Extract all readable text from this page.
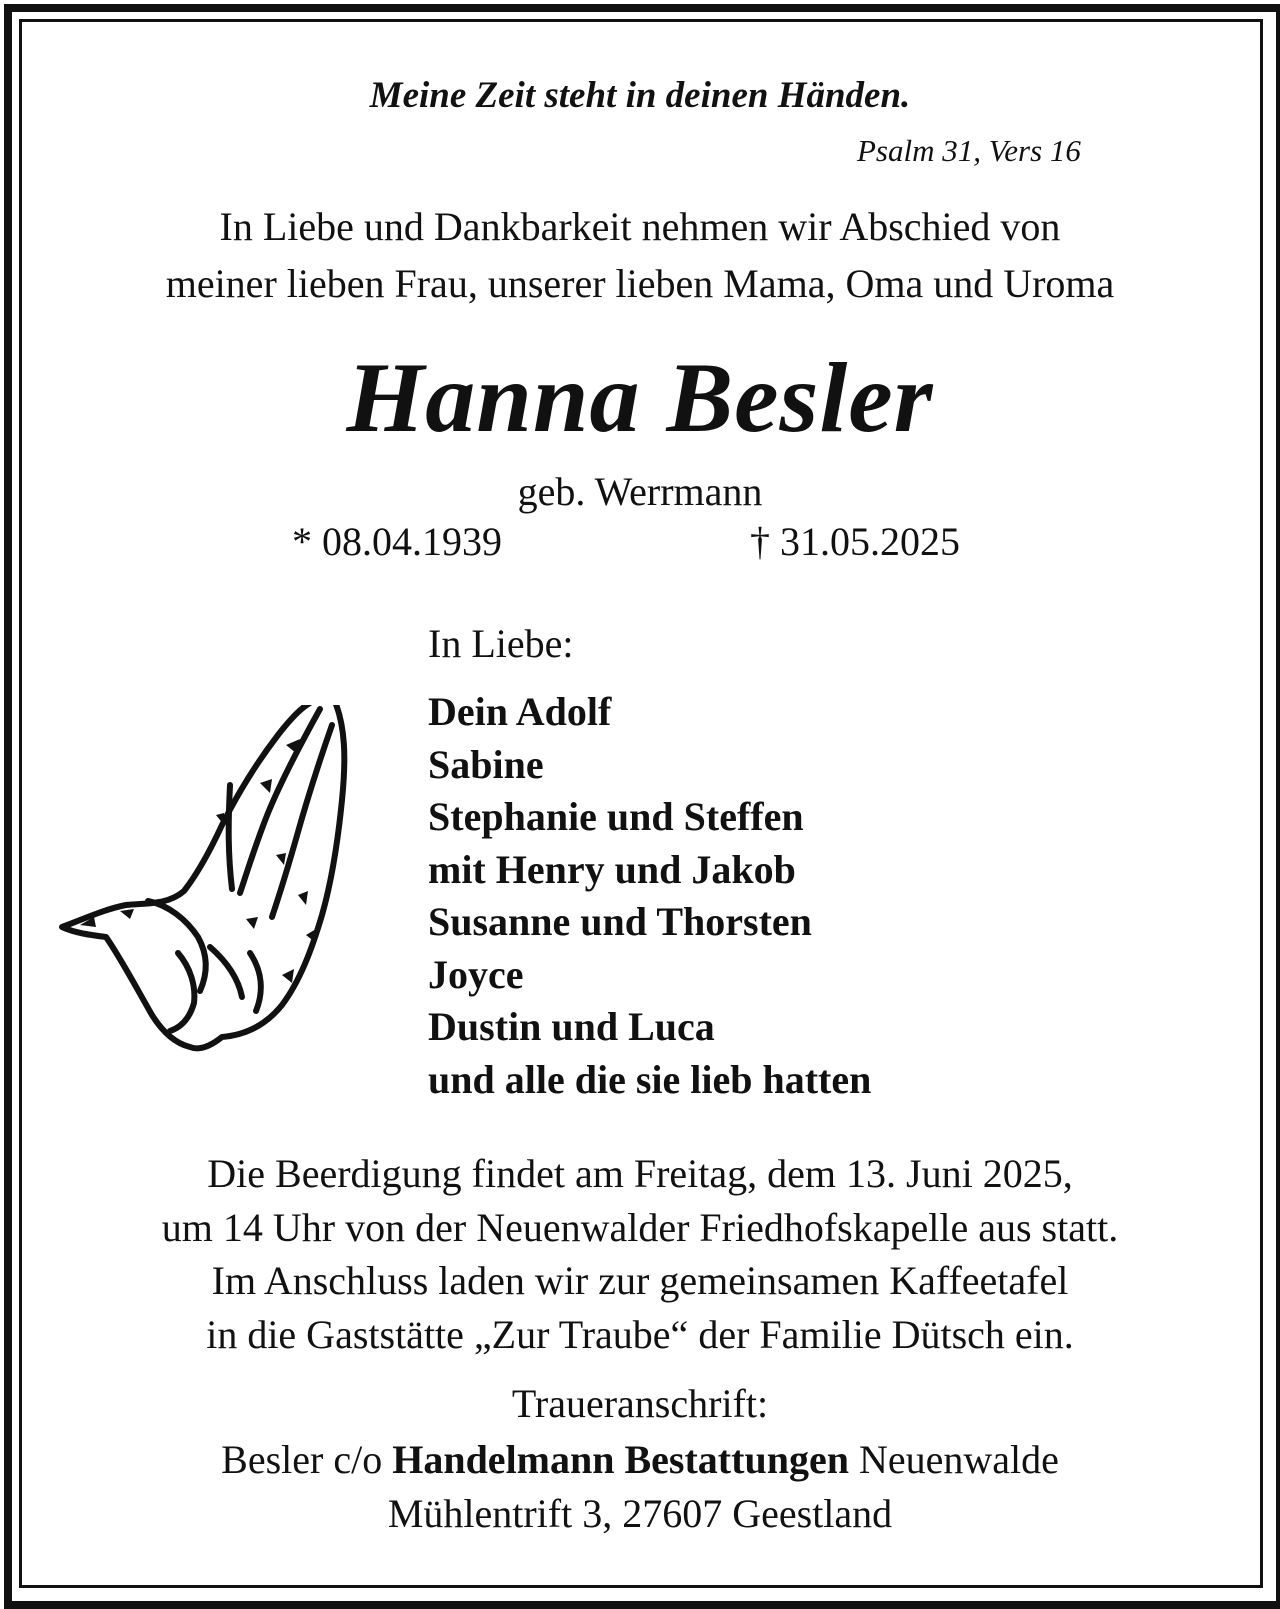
Meine Zeit steht in deinen Händen.
Psalm 31, Vers 16
In Liebe und Dankbarkeit nehmen wir Abschied von
meiner lieben Frau, unserer lieben Mama, Oma und Uroma
Hanna Besler
geb. Werrmann
* 08.04.1939	† 31.05.2025
In Liebe:
Dein Adolf
Sabine
Stephanie und Steffen
mit Henry und Jakob
Susanne und Thorsten
Joyce
Dustin und Luca
und alle die sie lieb hatten
Die Beerdigung findet am Freitag, dem 13. Juni 2025,
um 14 Uhr von der Neuenwalder Friedhofskapelle aus statt.
Im Anschluss laden wir zur gemeinsamen Kaffeetafel
in die Gaststätte „Zur Traube“ der Familie Dütsch ein.
Traueranschrift:
Besler c/o Handelmann Bestattungen Neuenwalde
Mühlentrift 3, 27607 Geestland
